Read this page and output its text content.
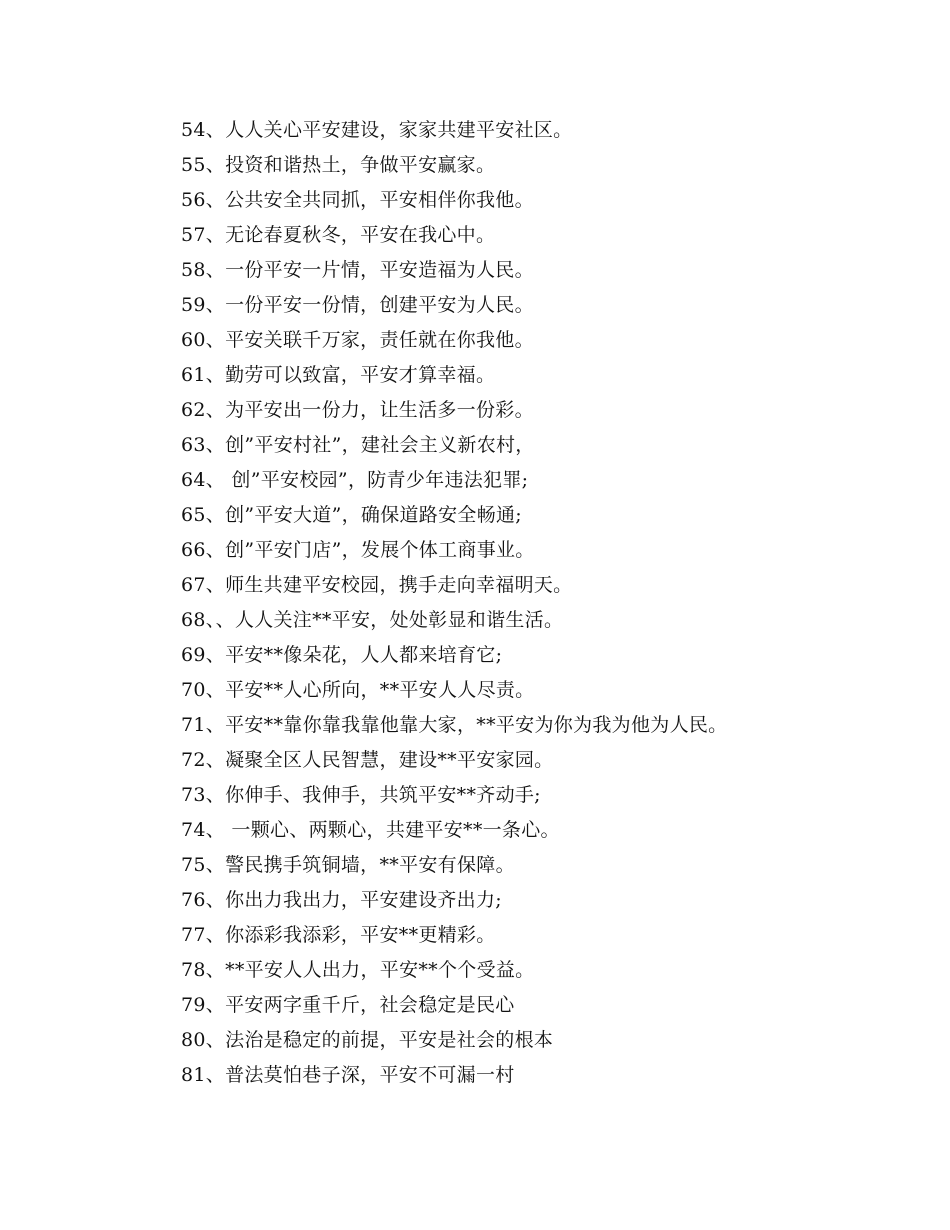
54、人人关心平安建设，家家共建平安社区。
55、投资和谐热土，争做平安赢家。
56、公共安全共同抓，平安相伴你我他。
57、无论春夏秋冬，平安在我心中。
58、一份平安一片情，平安造福为人民。
59、一份平安一份情，创建平安为人民。
60、平安关联千万家，责任就在你我他。
61、勤劳可以致富，平安才算幸福。
62、为平安出一份力，让生活多一份彩。
63、创”平安村社”，建社会主义新农村，
64、 创”平安校园”，防青少年违法犯罪;
65、创”平安大道”，确保道路安全畅通;
66、创”平安门店”，发展个体工商事业。
67、师生共建平安校园，携手走向幸福明天。
68、、人人关注**平安，处处彰显和谐生活。
69、平安**像朵花，人人都来培育它;
70、平安**人心所向，**平安人人尽责。
71、平安**靠你靠我靠他靠大家，**平安为你为我为他为人民。
72、凝聚全区人民智慧，建设**平安家园。
73、你伸手、我伸手，共筑平安**齐动手;
74、 一颗心、两颗心，共建平安**一条心。
75、警民携手筑铜墙，**平安有保障。
76、你出力我出力，平安建设齐出力;
77、你添彩我添彩，平安**更精彩。
78、**平安人人出力，平安**个个受益。
79、平安两字重千斤，社会稳定是民心
80、法治是稳定的前提，平安是社会的根本
81、普法莫怕巷子深，平安不可漏一村
